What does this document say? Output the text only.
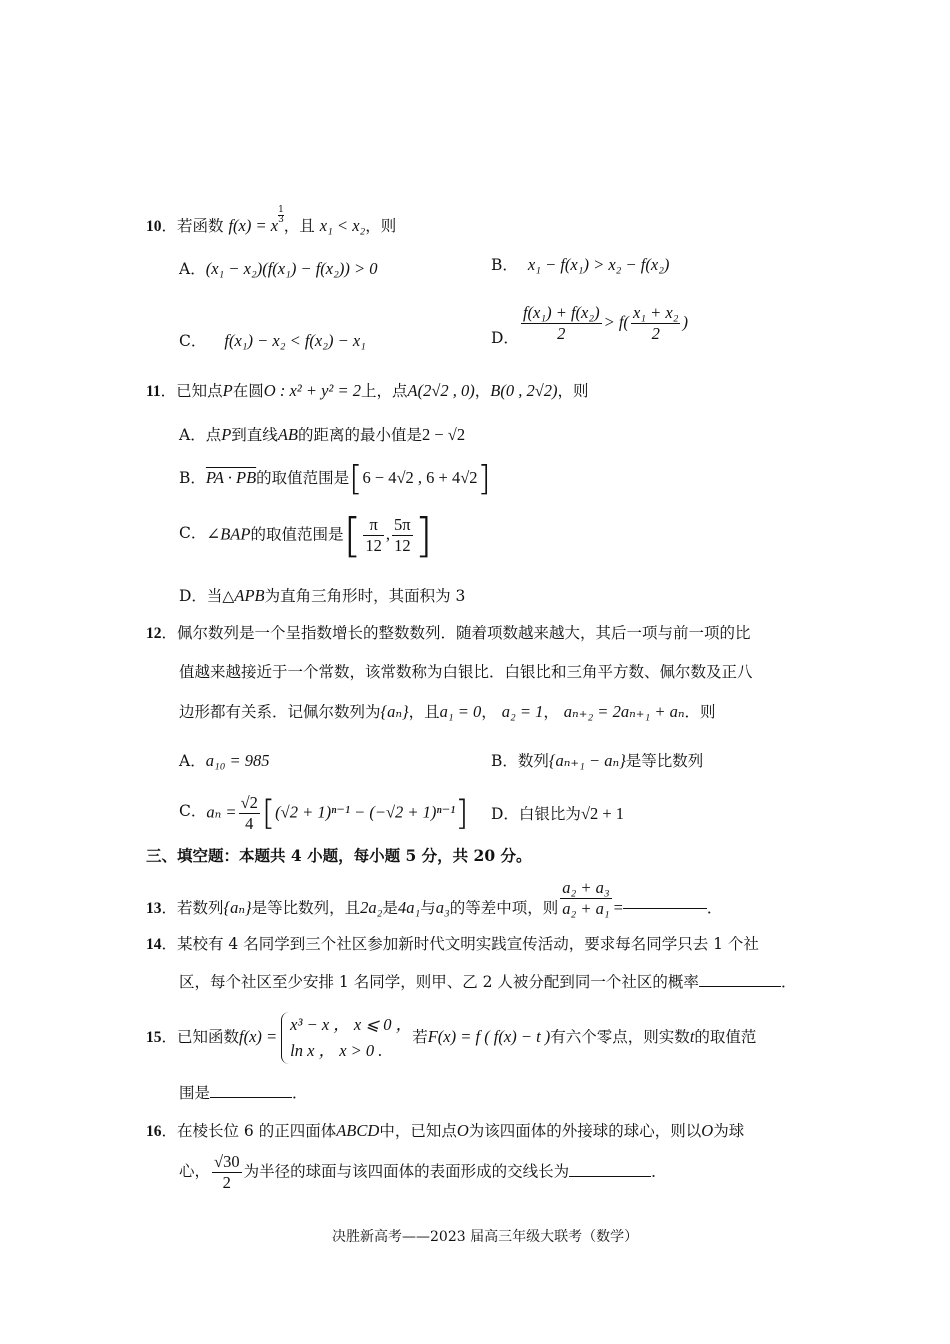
10．若函数 f(x) = x
$\frac{1}{3}$
，且 x₁ < x₂，则
A．(x₁ − x₂)(f(x₁) − f(x₂)) > 0	B． x₁ − f(x₁) > x₂ − f(x₂)
C． f(x₁) − x₂ < f(x₂) − x₁	D． $\frac{\text{f(x₁) + f(x₂)}}{2} > f( \frac{\text{x₁ + x₂}}{2}$ )
11．已知点P在圆O : x² + y² = 2上，点A(2√2 , 0)，B(0 , 2√2)，则
A．点P到直线AB的距离的最小值是2 − √2
B．PA · PB的取值范围是[6 − 4√2 , 6 + 4√2]
C．∠BAP的取值范围是[ $\frac{\pi}{12}$ , $\frac{5\pi}{12}$ ]
D．当△APB为直角三角形时，其面积为 3
12．佩尔数列是一个呈指数增长的整数数列．随着项数越来越大，其后一项与前一项的比
值越来越接近于一个常数，该常数称为白银比．白银比和三角平方数、佩尔数及正八
边形都有关系．记佩尔数列为{aₙ}，且a₁ = 0， a₂ = 1， aₙ₊₂ = 2aₙ₊₁ + aₙ．则
A．a₁₀ = 985	B．数列{aₙ₊₁ − aₙ}是等比数列
C．$a_n = \frac{√2}{4} [(√2 + 1)^{n-1} - (-√2 + 1)^{n-1}]$ D．白银比为√2 + 1
三、填空题：本题共 4 小题，每小题 5 分，共 20 分。
13．若数列{aₙ}是等比数列，且2a₂是4a₁与a₃的等差中项，则 $\frac{\text{a₂ + a₃}}{\text{a₂ + a₁}}$ =	．
14．某校有 4 名同学到三个社区参加新时代文明实践宣传活动，要求每名同学只去 1 个社
区，每个社区至少安排 1 名同学，则甲、乙 2 人被分配到同一个社区的概率	．
15．已知函数f(x) =
x³ − x ， x ⩽ 0 ，
ln x ， x > 0 .
若F(x) = f ( f(x) − t )有六个零点，则实数t的取值范
围是	．
16．在棱长位 6 的正四面体ABCD中，已知点O为该四面体的外接球的球心，则以O为球
心， $\frac{√30}{2}$ 为半径的球面与该四面体的表面形成的交线长为	．
决胜新高考——2023 届高三年级大联考（数学）
